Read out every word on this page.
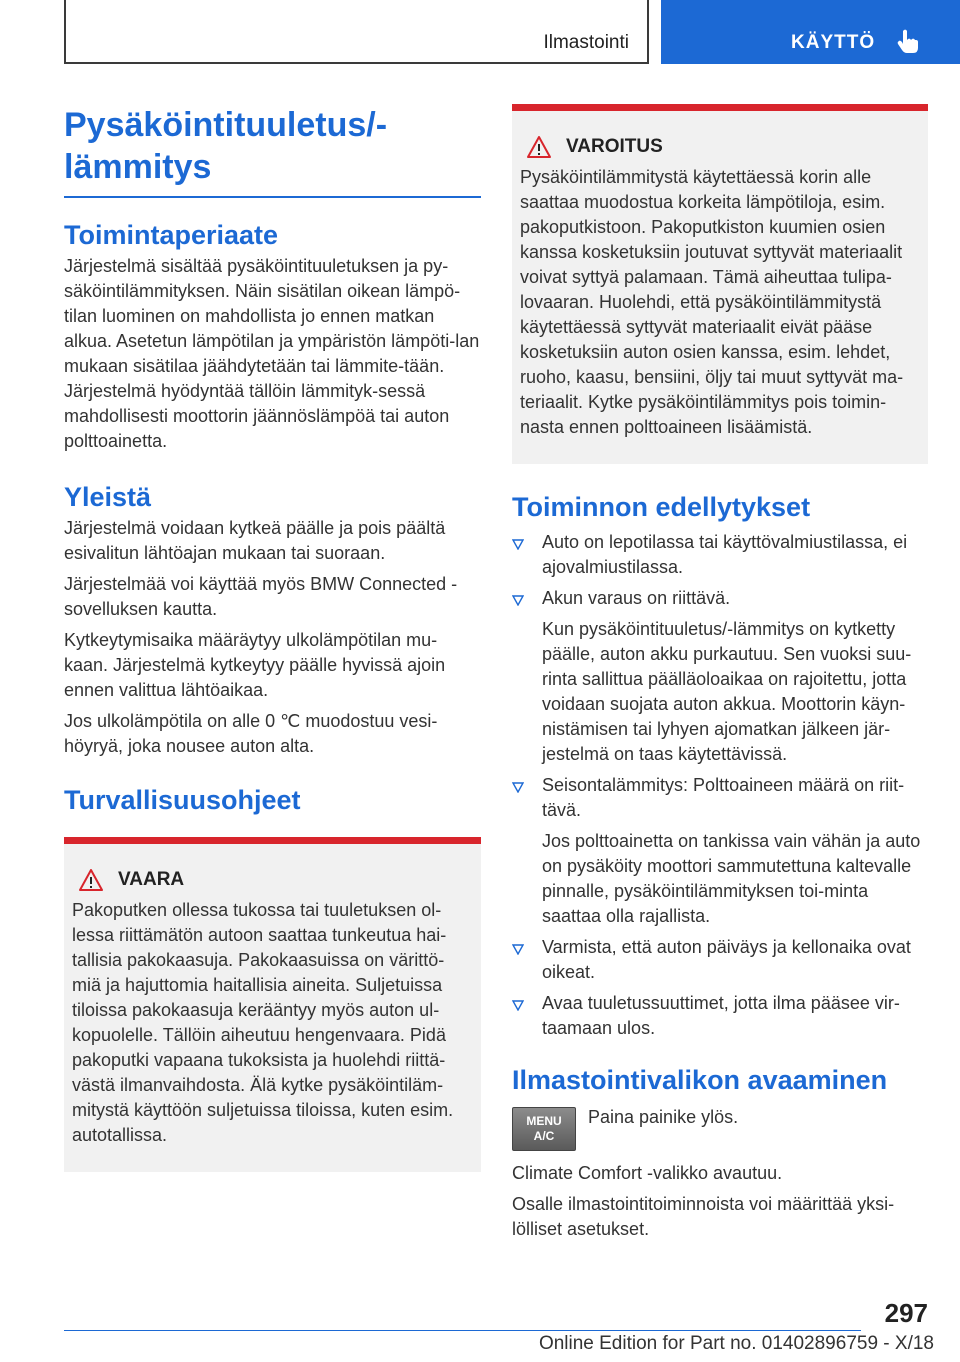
Ilmastointi	KÄYTTÖ
Pysäköintituuletus/-
lämmitys
Toimintaperiaate

Järjestelmä sisältää pysäköintituuletuksen ja py-säköintilämmityksen. Näin sisätilan oikean lämpö-tilan luominen on mahdollista jo ennen matkan alkua. Asetetun lämpötilan ja ympäristön lämpöti-lan mukaan sisätilaa jäähdytetään tai lämmite-tään. Järjestelmä hyödyntää tällöin lämmityk-sessä mahdollisesti moottorin jäännöslämpöä tai auton polttoainetta.

Yleistä

Järjestelmä voidaan kytkeä päälle ja pois päältä esivalitun lähtöajan mukaan tai suoraan.

Järjestelmää voi käyttää myös BMW Connected -sovelluksen kautta.

Kytkeytymisaika määräytyy ulkolämpötilan mu-kaan. Järjestelmä kytkeytyy päälle hyvissä ajoin ennen valittua lähtöaikaa.

Jos ulkolämpötila on alle 0 ℃ muodostuu vesi-höyryä, joka nousee auton alta.

Turvallisuusohjeet
VAARA

Pakoputken ollessa tukossa tai tuuletuksen ol-lessa riittämätön autoon saattaa tunkeutua hai-tallisia pakokaasuja. Pakokaasuissa on värittö-miä ja hajuttomia haitallisia aineita. Suljetuissa tiloissa pakokaasuja kerääntyy myös auton ul-kopuolelle. Tällöin aiheutuu hengenvaara. Pidä pakoputki vapaana tukoksista ja huolehdi riittä-västä ilmanvaihdosta. Älä kytke pysäköintiläm-mitystä käyttöön suljetuissa tiloissa, kuten esim. autotallissa.

VAROITUS

Pysäköintilämmitystä käytettäessä korin alle saattaa muodostua korkeita lämpötiloja, esim. pakoputkistoon. Pakoputkiston kuumien osien kanssa kosketuksiin joutuvat syttyvät materiaalit voivat syttyä palamaan. Tämä aiheuttaa tulipa-lovaaran. Huolehdi, että pysäköintilämmitystä käytettäessä syttyvät materiaalit eivät pääse kosketuksiin auton osien kanssa, esim. lehdet, ruoho, kaasu, bensiini, öljy tai muut syttyvät ma-teriaalit. Kytke pysäköintilämmitys pois toimin-nasta ennen polttoaineen lisäämistä.

Toiminnon edellytykset
Auto on lepotilassa tai käyttövalmiustilassa, ei ajovalmiustilassa.
Akun varaus on riittävä.

Kun pysäköintituuletus/-lämmitys on kytketty päälle, auton akku purkautuu. Sen vuoksi suu-rinta sallittua päälläoloaikaa on rajoitettu, jotta voidaan suojata auton akkua. Moottorin käyn-nistämisen tai lyhyen ajomatkan jälkeen jär-jestelmä on taas käytettävissä.

Seisontalämmitys: Polttoaineen määrä on riit-tävä.

Jos polttoainetta on tankissa vain vähän ja auto on pysäköity moottori sammutettuna kaltevalle pinnalle, pysäköintilämmityksen toi-minta saattaa olla rajallista.

Varmista, että auton päiväys ja kellonaika ovat oikeat.
Avaa tuuletussuuttimet, jotta ilma pääsee vir-taamaan ulos.
Ilmastointivalikon avaaminen
MENU
A/C

Paina painike ylös.

Climate Comfort -valikko avautuu.

Osalle ilmastointitoiminnoista voi määrittää yksi-lölliset asetukset.

297
Online Edition for Part no. 01402896759 - X/18
